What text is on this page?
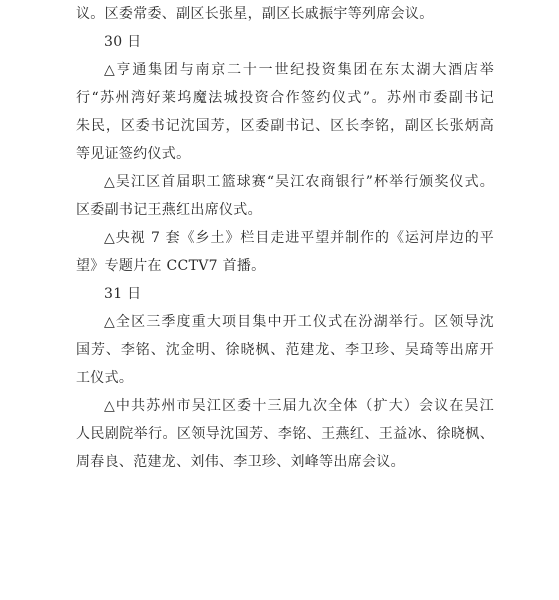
议。区委常委、副区长张星，副区长戚振宇等列席会议。
30 日
△亨通集团与南京二十一世纪投资集团在东太湖大酒店举
行“苏州湾好莱坞魔法城投资合作签约仪式”。苏州市委副书记
朱民，区委书记沈国芳，区委副书记、区长李铭，副区长张炳高
等见证签约仪式。
△吴江区首届职工篮球赛“吴江农商银行”杯举行颁奖仪式。
区委副书记王燕红出席仪式。
△央视 7 套《乡土》栏目走进平望并制作的《运河岸边的平
望》专题片在 CCTV7 首播。
31 日
△全区三季度重大项目集中开工仪式在汾湖举行。区领导沈
国芳、李铭、沈金明、徐晓枫、范建龙、李卫珍、吴琦等出席开
工仪式。
△中共苏州市吴江区委十三届九次全体（扩大）会议在吴江
人民剧院举行。区领导沈国芳、李铭、王燕红、王益冰、徐晓枫、
周春良、范建龙、刘伟、李卫珍、刘峰等出席会议。
